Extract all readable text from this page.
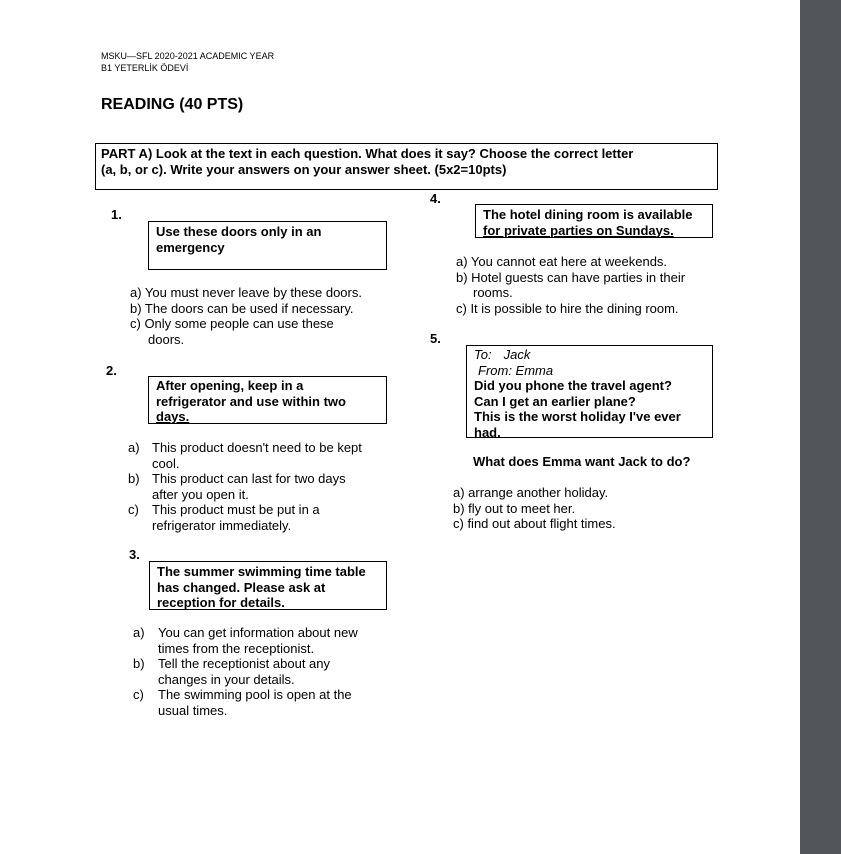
MSKU—SFL 2020-2021 ACADEMIC YEAR
B1 YETERLİK ÖDEVİ
READING (40 PTS)
PART A) Look at the text in each question. What does it say? Choose the correct letter
(a, b, or c). Write your answers on your answer sheet. (5x2=10pts)
1.
Use these doors only in an
emergency
a) You must never leave by these doors.
b) The doors can be used if necessary.
c) Only some people can use these
doors.
2.
After opening, keep in a
refrigerator and use within two
days.
a) This product doesn't need to be kept
cool.
b) This product can last for two days
after you open it.
c)	This product must be put in a
refrigerator immediately.
3.
The summer swimming time table
has changed. Please ask at
reception for details.
a)	You can get information about new
times from the receptionist.
b)	Tell the receptionist about any
changes in your details.
c)	The swimming pool is open at the
usual times.
4.
The hotel dining room is available
for private parties on Sundays.
a) You cannot eat here at weekends.
b) Hotel guests can have parties in their
rooms.
c) It is possible to hire the dining room.
5.
To: Jack
From: Emma
Did you phone the travel agent?
Can I get an earlier plane?
This is the worst holiday I've ever
had.
What does Emma want Jack to do?
a) arrange another holiday.
b) fly out to meet her.
c) find out about flight times.
